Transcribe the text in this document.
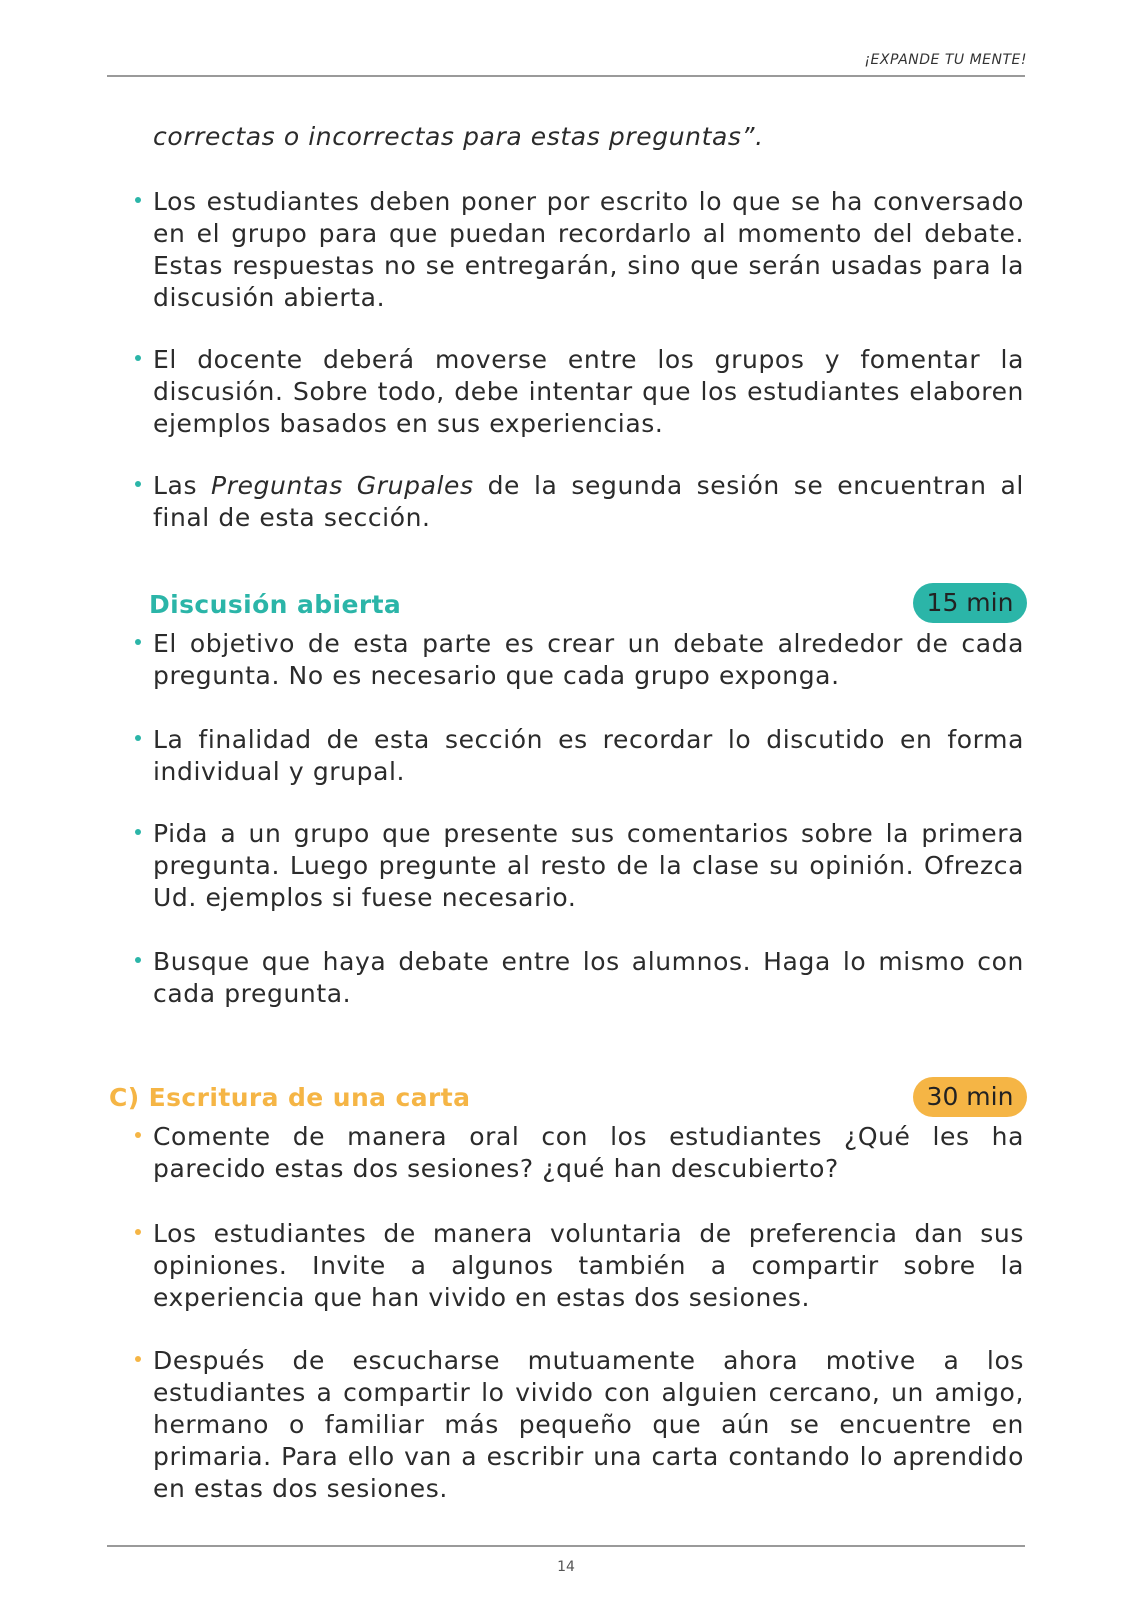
¡EXPANDE TU MENTE!
correctas o incorrectas para estas preguntas”.
Los estudiantes deben poner por escrito lo que se ha conversado en el grupo para que puedan recordarlo al momento del debate. Estas respuestas no se entregarán, sino que serán usadas para la discusión abierta.
El docente deberá moverse entre los grupos y fomentar la discusión. Sobre todo, debe intentar que los estudiantes elaboren ejemplos basados en sus experiencias.
Las Preguntas Grupales de la segunda sesión se encuentran al final de esta sección.
Discusión abierta	15 min
El objetivo de esta parte es crear un debate alrededor de cada pregunta. No es necesario que cada grupo exponga.
La finalidad de esta sección es recordar lo discutido en forma individual y grupal.
Pida a un grupo que presente sus comentarios sobre la primera pregunta. Luego pregunte al resto de la clase su opinión. Ofrezca Ud. ejemplos si fuese necesario.
Busque que haya debate entre los alumnos. Haga lo mismo con cada pregunta.
C) Escritura de una carta	30 min
Comente de manera oral con los estudiantes ¿Qué les ha parecido estas dos sesiones? ¿qué han descubierto?
Los estudiantes de manera voluntaria de preferencia dan sus opiniones. Invite a algunos también a compartir sobre la experiencia que han vivido en estas dos sesiones.
Después de escucharse mutuamente ahora motive a los estudiantes a compartir lo vivido con alguien cercano, un amigo, hermano o familiar más pequeño que aún se encuentre en primaria. Para ello van a escribir una carta contando lo aprendido en estas dos sesiones.
14
